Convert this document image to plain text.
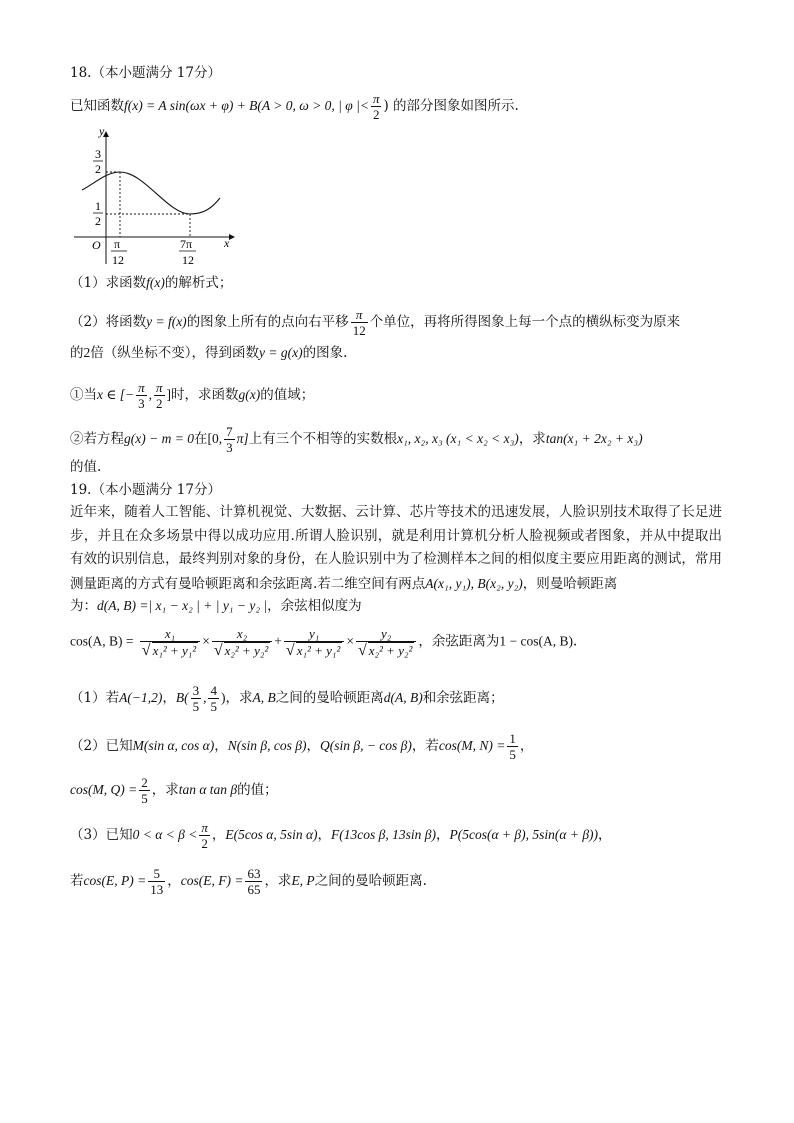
18.（本小题满分 17分）
已知函数f(x) = A sin(ωx + φ) + B(A > 0, ω > 0, | φ |< $\frac{\pi}{2}$ ) 的部分图象如图所示.
y
x
O
3
2
1
2
π
12
7π
12
（1）求函数f(x)的解析式；
（2）将函数y = f(x)的图象上所有的点向右平移 $\frac{\pi}{12}$ 个单位，再将所得图象上每一个点的横纵标变为原来
的2倍（纵坐标不变），得到函数y = g(x)的图象.
①当x ∈ [− $\frac{\pi}{3}$ , $\frac{\pi}{2}$ ]时，求函数g(x)的值域；
②若方程g(x) − m = 0在[0, $\frac{7}{3} \pi$]上有三个不相等的实数根x₁, x₂, x₃ (x₁ < x₂ < x₃)，求tan(x₁ + 2x₂ + x₃)
的值.
19.（本小题满分 17分）
近年来，随着人工智能、计算机视觉、大数据、云计算、芯片等技术的迅速发展，人脸识别技术取得了长足进步，并且在众多场景中得以成功应用.所谓人脸识别，就是利用计算机分析人脸视频或者图象，并从中提取出有效的识别信息，最终判别对象的身份，在人脸识别中为了检测样本之间的相似度主要应用距离的测试，常用测量距离的方式有曼哈顿距离和余弦距离.若二维空间有两点A(x₁, y₁), B(x₂, y₂)，则曼哈顿距离
为：d(A, B) =| x₁ − x₂ | + | y₁ − y₂ |，余弦相似度为
cos(A, $B) = \frac{\text{x₁}}{\text{√ x₁² + y₁²}} \times \frac{\text{x₂}}{\text{√ x₂² + y₂²}} + \frac{\text{y₁}}{\text{√ x₁² + y₁²}} \times \frac{\text{y₂}}{\text{√ x₂² + y₂²}}$ ，余弦距离为1 − cos(A, B).
（1）若A(−1,2)，$B( \frac{3}{5}$ , $\frac{4}{5}$ )，求A, B之间的曼哈顿距离d(A, B)和余弦距离；
（2）已知M(sin α, cos α)，N(sin β, cos β)，Q(sin β, − cos β)，若cos(M, $N) = \frac{1}{5}$ ，
cos(M, $Q) = \frac{2}{5}$ ，求tan α tan β的值；
（3）已知$0 < \alpha < \beta < \frac{\pi}{2}$ ，E(5cos α, 5sin α)，F(13cos β, 13sin β)，P(5cos(α + β), 5sin(α + β))，
若cos(E, $P) = \frac{5}{13}$ ，cos(E, $F) = \frac{63}{65}$ ，求E, P之间的曼哈顿距离.
